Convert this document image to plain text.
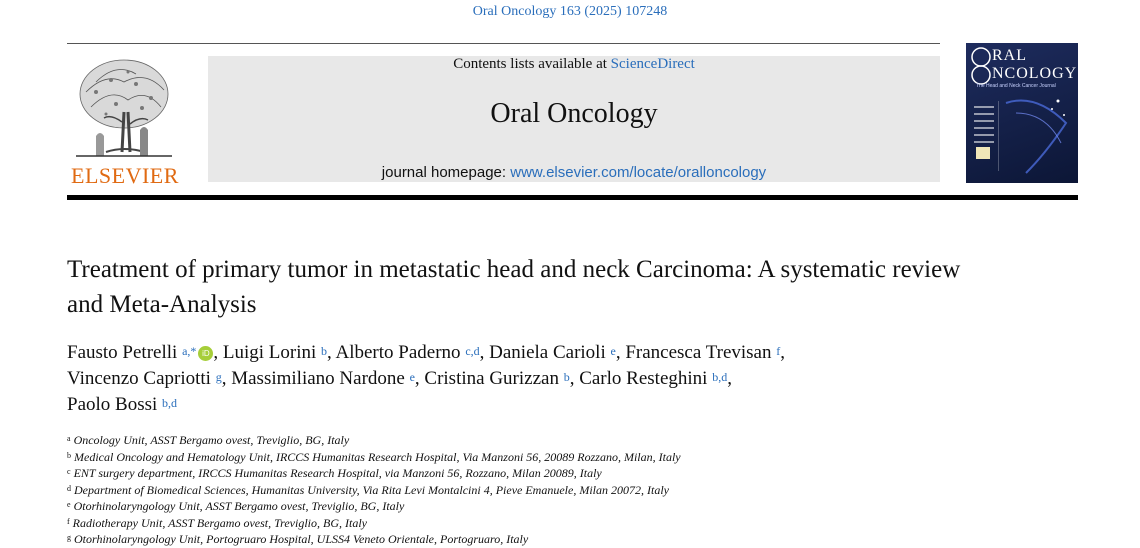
Oral Oncology 163 (2025) 107248
ELSEVIER
Contents lists available at ScienceDirect
Oral Oncology
journal homepage: www.elsevier.com/locate/oralloncology
RAL
NCOLOGY
The Head and Neck Cancer Journal
Treatment of primary tumor in metastatic head and neck Carcinoma: A systematic review and Meta-Analysis
Fausto Petrelli $^{a,*}$ iD , Luigi Lorini $^b$, Alberto Paderno $^{c,d}$, Daniela Carioli $^e$, Francesca Trevisan $^f$,
Vincenzo Capriotti $^g$, Massimiliano Nardone $^e$, Cristina Gurizzan $^b$, Carlo Resteghini $^{b,d}$,
Paolo Bossi $^{b,d}$
$^a$ Oncology Unit, ASST Bergamo ovest, Treviglio, BG, Italy
$^b$ Medical Oncology and Hematology Unit, IRCCS Humanitas Research Hospital, Via Manzoni 56, 20089 Rozzano, Milan, Italy
$^c$ ENT surgery department, IRCCS Humanitas Research Hospital, via Manzoni 56, Rozzano, Milan 20089, Italy
$^d$ Department of Biomedical Sciences, Humanitas University, Via Rita Levi Montalcini 4, Pieve Emanuele, Milan 20072, Italy
$^e$ Otorhinolaryngology Unit, ASST Bergamo ovest, Treviglio, BG, Italy
$^f$ Radiotherapy Unit, ASST Bergamo ovest, Treviglio, BG, Italy
$^g$ Otorhinolaryngology Unit, Portogruaro Hospital, ULSS4 Veneto Orientale, Portogruaro, Italy
